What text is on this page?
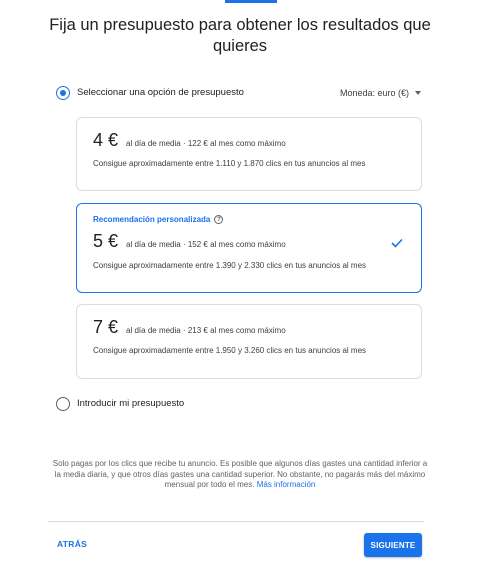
Fija un presupuesto para obtener los resultados que quieres
Seleccionar una opción de presupuesto	Moneda: euro (€)
4 € al día de media · 122 € al mes como máximo
Consigue aproximadamente entre 1.110 y 1.870 clics en tus anuncios al mes
Recomendación personalizada	?
5 € al día de media · 152 € al mes como máximo
Consigue aproximadamente entre 1.390 y 2.330 clics en tus anuncios al mes
7 € al día de media · 213 € al mes como máximo
Consigue aproximadamente entre 1.950 y 3.260 clics en tus anuncios al mes
Introducir mi presupuesto
Solo pagas por los clics que recibe tu anuncio. Es posible que algunos días gastes una cantidad inferior a la media diaria, y que otros días gastes una cantidad superior. No obstante, no pagarás más del máximo mensual por todo el mes. Más información
ATRÁS	SIGUIENTE
